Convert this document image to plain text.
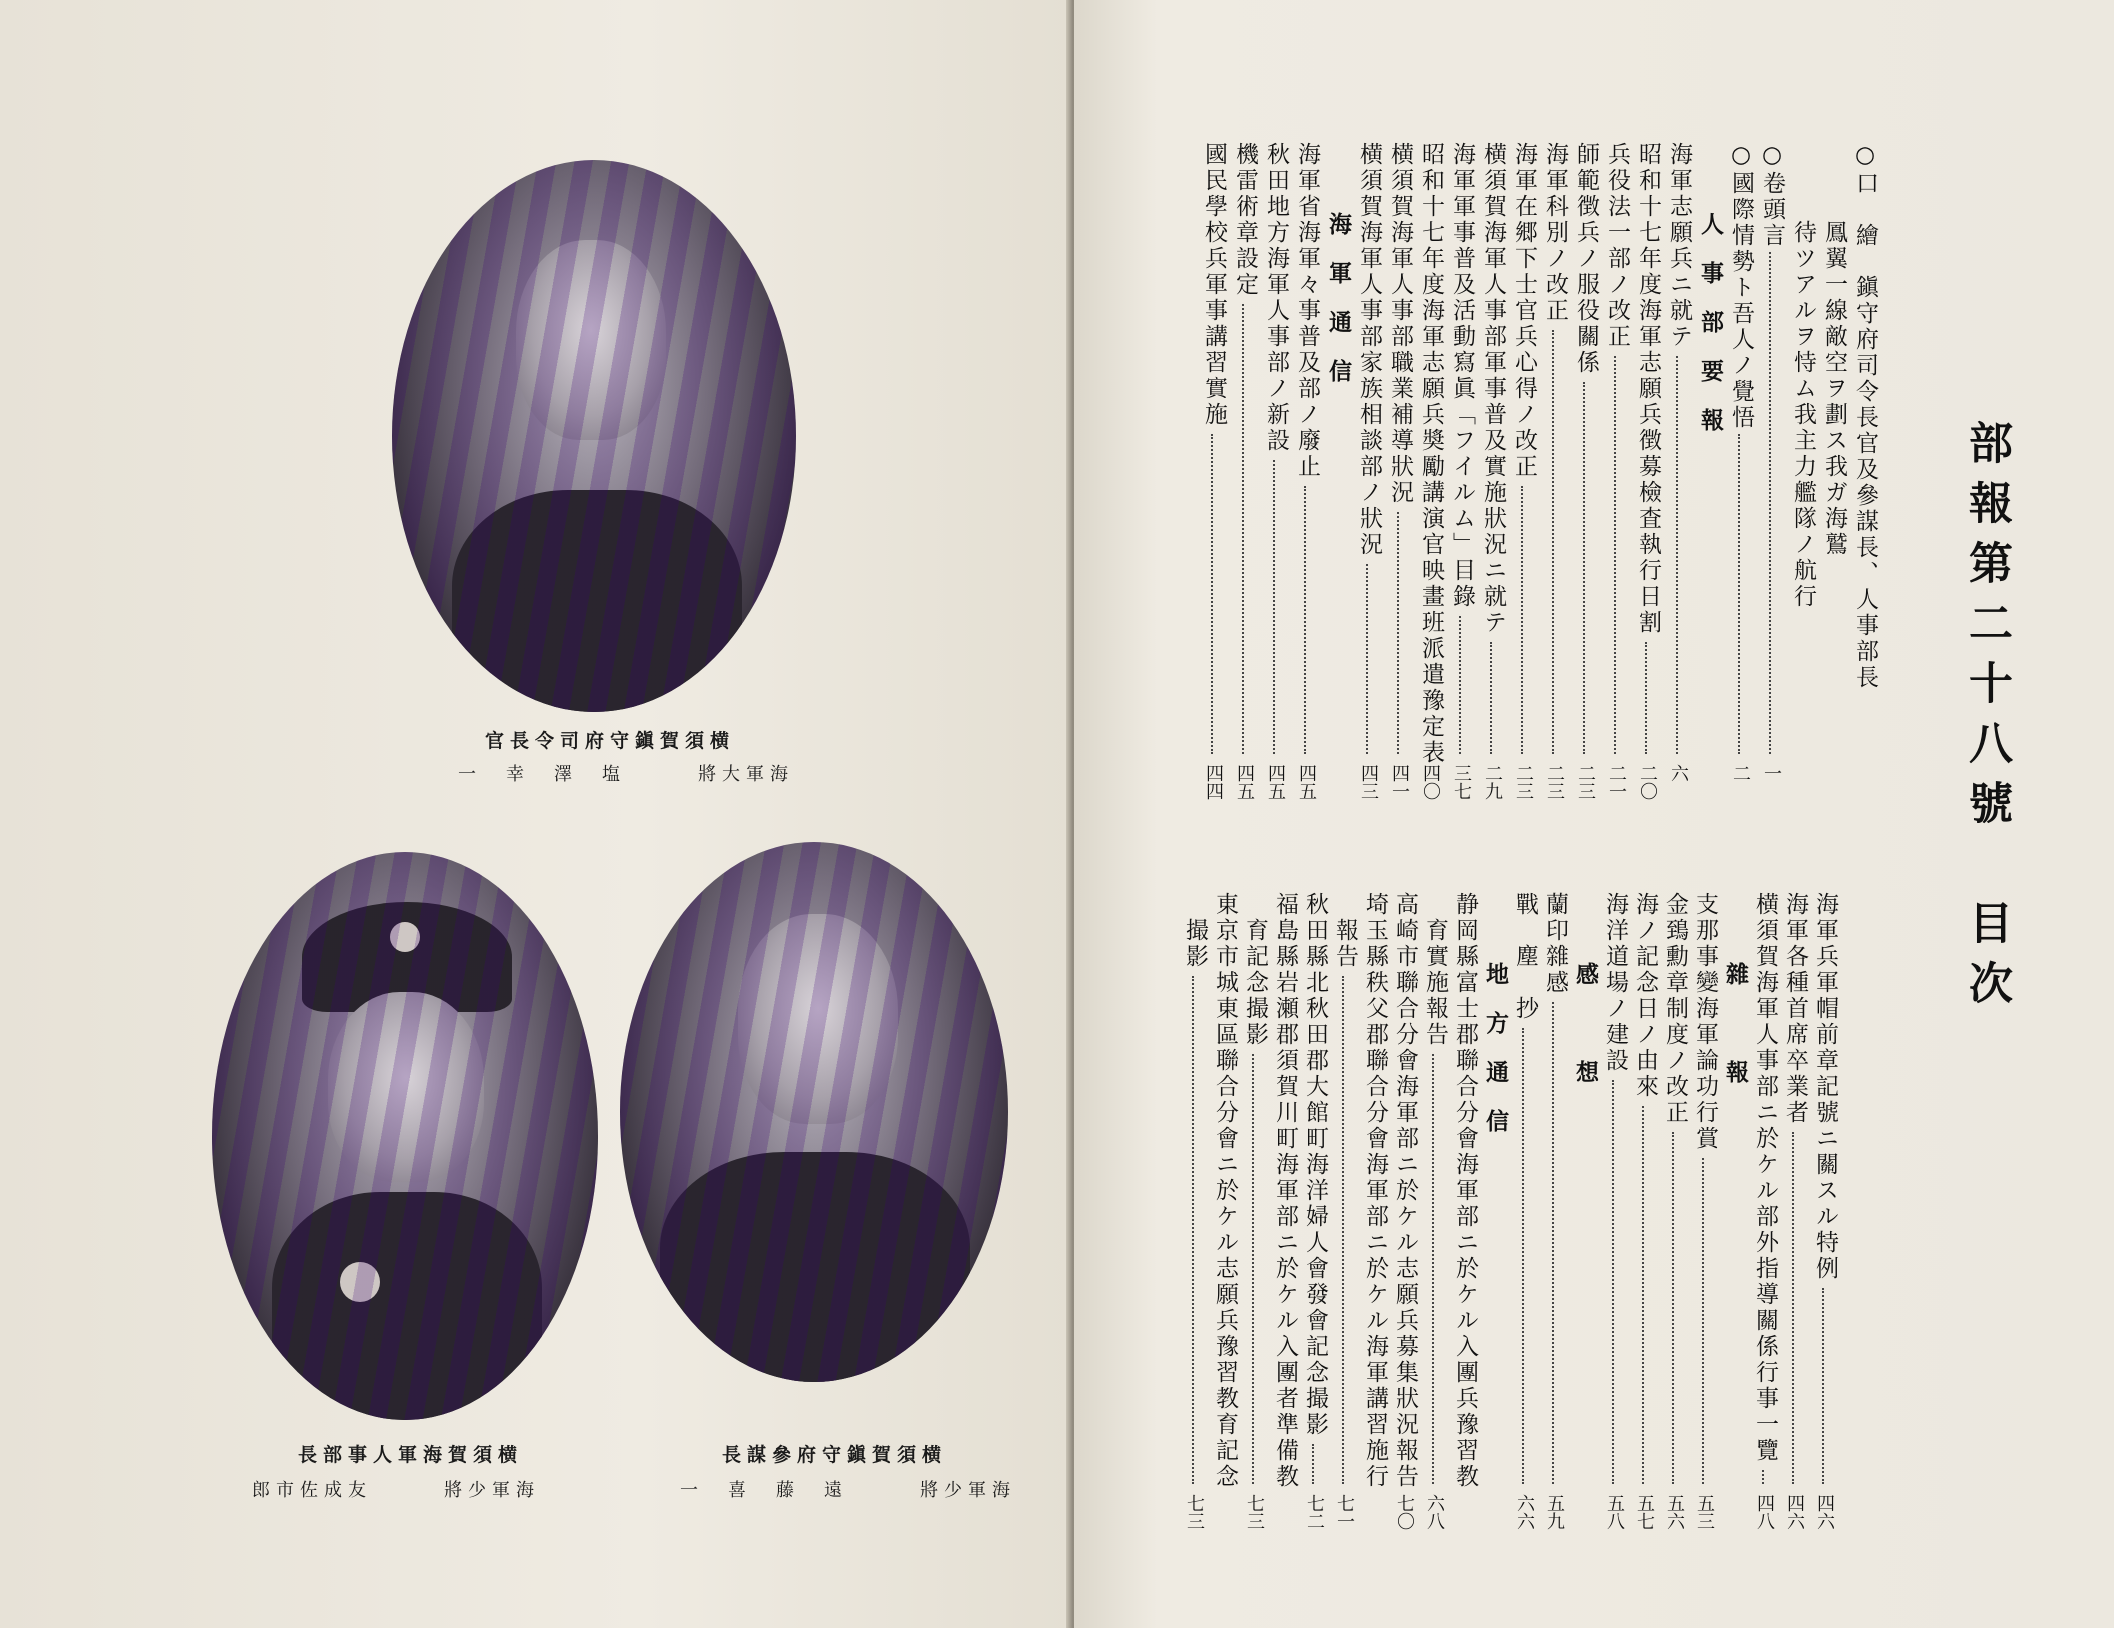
官長令司府守鎭賀須横
一　幸　澤　塩　　　將大軍海
長部事人軍海賀須横
郎市佐成友　　　將少軍海
長謀參府守鎭賀須横
一　喜　藤　遠　　　將少軍海
部報第二十八號　目次
○口　繪　鎭守府司令長官及參謀長、人事部長
　　　鳳翼一線敵空ヲ劃ス我ガ海鷲
　　　待ツアルヲ恃ム我主力艦隊ノ航行
○卷頭言
一
○國際情勢ト吾人ノ覺悟
二
人事部要報
海軍志願兵ニ就テ
六
昭和十七年度海軍志願兵徴募檢査執行日割
二〇
兵役法一部ノ改正
二一
師範徴兵ノ服役關係
二三
海軍科別ノ改正
二三
海軍在郷下士官兵心得ノ改正
二三
横須賀海軍人事部軍事普及實施狀況ニ就テ
二九
海軍軍事普及活動寫眞「フイルム」目錄
三七
昭和十七年度海軍志願兵奬勵講演官映畫班派遣豫定表
四〇
横須賀海軍人事部職業補導狀況
四一
横須賀海軍人事部家族相談部ノ狀況
四三
海軍通信
海軍省海軍々事普及部ノ廢止
四五
秋田地方海軍人事部ノ新設
四五
機雷術章設定
四五
國民學校兵軍事講習實施
四四
海軍兵軍帽前章記號ニ關スル特例
四六
海軍各種首席卒業者
四六
横須賀海軍人事部ニ於ケル部外指導關係行事一覽
四八
雜　報
支那事變海軍論功行賞
五三
金鵄勳章制度ノ改正
五六
海ノ記念日ノ由來
五七
海洋道場ノ建設
五八
感　想
蘭印雜感
五九
戰　塵　抄
六六
地方通信
静岡縣富士郡聯合分會海軍部ニ於ケル入團兵豫習教
　育實施報告
六八
高崎市聯合分會海軍部ニ於ケル志願兵募集狀況報告
七〇
埼玉縣秩父郡聯合分會海軍部ニ於ケル海軍講習施行
　報告
七一
秋田縣北秋田郡大館町海洋婦人會發會記念撮影
七二
福島縣岩瀬郡須賀川町海軍部ニ於ケル入團者準備教
　育記念撮影
七三
東京市城東區聯合分會ニ於ケル志願兵豫習教育記念
　撮影
七三
